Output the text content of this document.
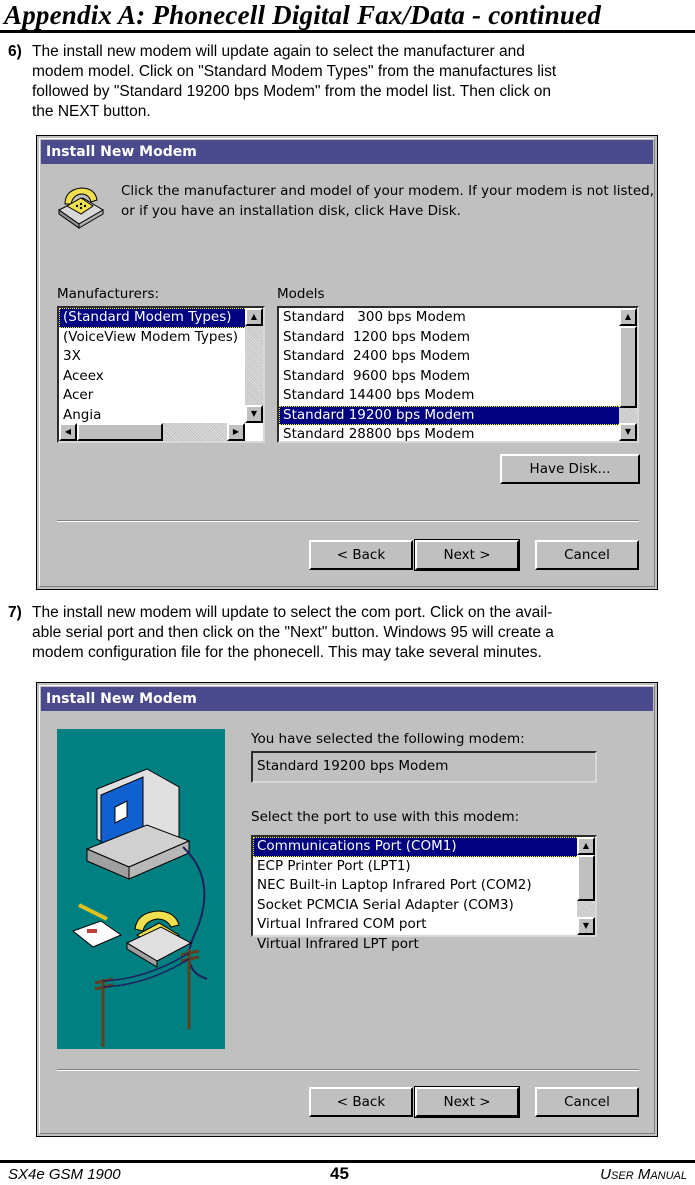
Appendix A: Phonecell Digital Fax/Data - continued
6) The install new modem will update again to select the manufacturer and
modem model. Click on "Standard Modem Types" from the manufactures list
followed by "Standard 19200 bps Modem" from the model list. Then click on
the NEXT button.
Install New Modem
Click the manufacturer and model of your modem. If your modem is not listed,
or if you have an installation disk, click Have Disk.
Manufacturers:	Models
(Standard Modem Types)
(VoiceView Modem Types)
3X
Aceex
Acer
Angia
▲
▼
◀	▶
Standard   300 bps Modem
Standard  1200 bps Modem
Standard  2400 bps Modem
Standard  9600 bps Modem
Standard 14400 bps Modem
Standard 19200 bps Modem
Standard 28800 bps Modem
▲
▼
Have Disk...
< Back	Next >	Cancel
7) The install new modem will update to select the com port. Click on the avail-
able serial port and then click on the "Next" button. Windows 95 will create a
modem configuration file for the phonecell. This may take several minutes.
Install New Modem
You have selected the following modem:
Standard 19200 bps Modem
Select the port to use with this modem:
Communications Port (COM1)
ECP Printer Port (LPT1)
NEC Built-in Laptop Infrared Port (COM2)
Socket PCMCIA Serial Adapter (COM3)
Virtual Infrared COM port
Virtual Infrared LPT port
▲
▼
< Back	Next >	Cancel
SX4e GSM 1900	45	USER MANUAL
